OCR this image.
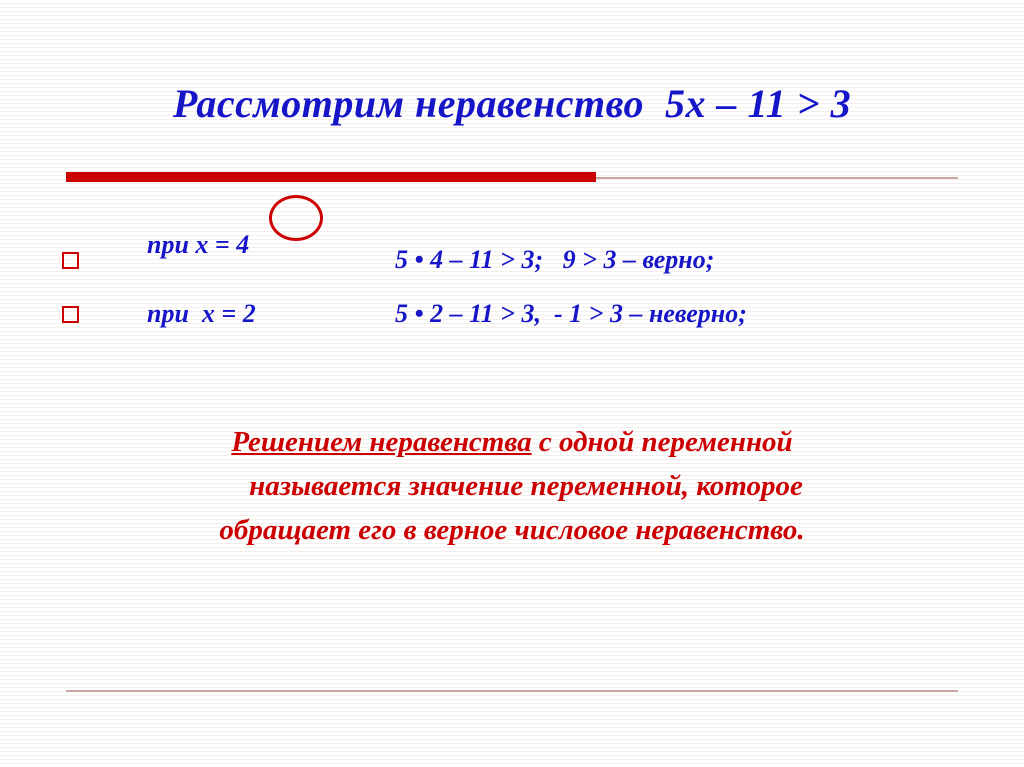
Рассмотрим неравенство  5х – 11 > 3

при х = 4

5 • 4 – 11 > 3;   9 > 3 – верно;

при  х = 2
	5 • 2 – 11 > 3,  - 1 > 3 – неверно;
Решением неравенства с одной переменной
называется значение переменной, которое
обращает его в верное числовое неравенство.
